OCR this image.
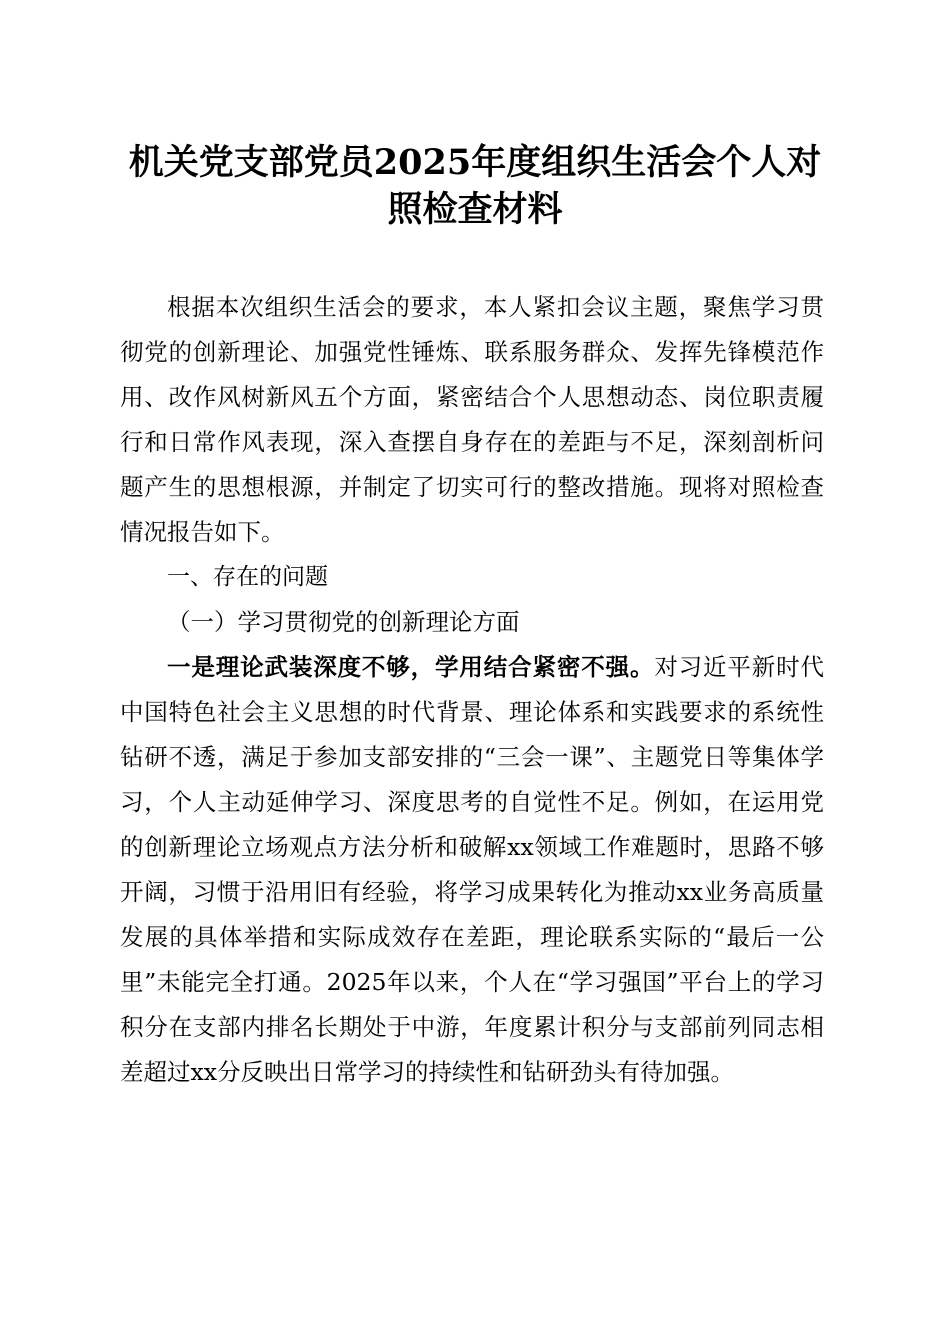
机关党支部党员2025年度组织生活会个人对
照检查材料

根据本次组织生活会的要求，本人紧扣会议主题，聚焦学习贯彻党的创新理论、加强党性锤炼、联系服务群众、发挥先锋模范作用、改作风树新风五个方面，紧密结合个人思想动态、岗位职责履行和日常作风表现，深入查摆自身存在的差距与不足，深刻剖析问题产生的思想根源，并制定了切实可行的整改措施。现将对照检查情况报告如下。

一、存在的问题

（一）学习贯彻党的创新理论方面

一是理论武装深度不够，学用结合紧密不强。对习近平新时代中国特色社会主义思想的时代背景、理论体系和实践要求的系统性钻研不透，满足于参加支部安排的“三会一课”、主题党日等集体学习，个人主动延伸学习、深度思考的自觉性不足。例如，在运用党的创新理论立场观点方法分析和破解xx领域工作难题时，思路不够开阔，习惯于沿用旧有经验，将学习成果转化为推动xx业务高质量发展的具体举措和实际成效存在差距，理论联系实际的“最后一公里”未能完全打通。2025年以来，个人在“学习强国”平台上的学习积分在支部内排名长期处于中游，年度累计积分与支部前列同志相差超过xx分反映出日常学习的持续性和钻研劲头有待加强。
